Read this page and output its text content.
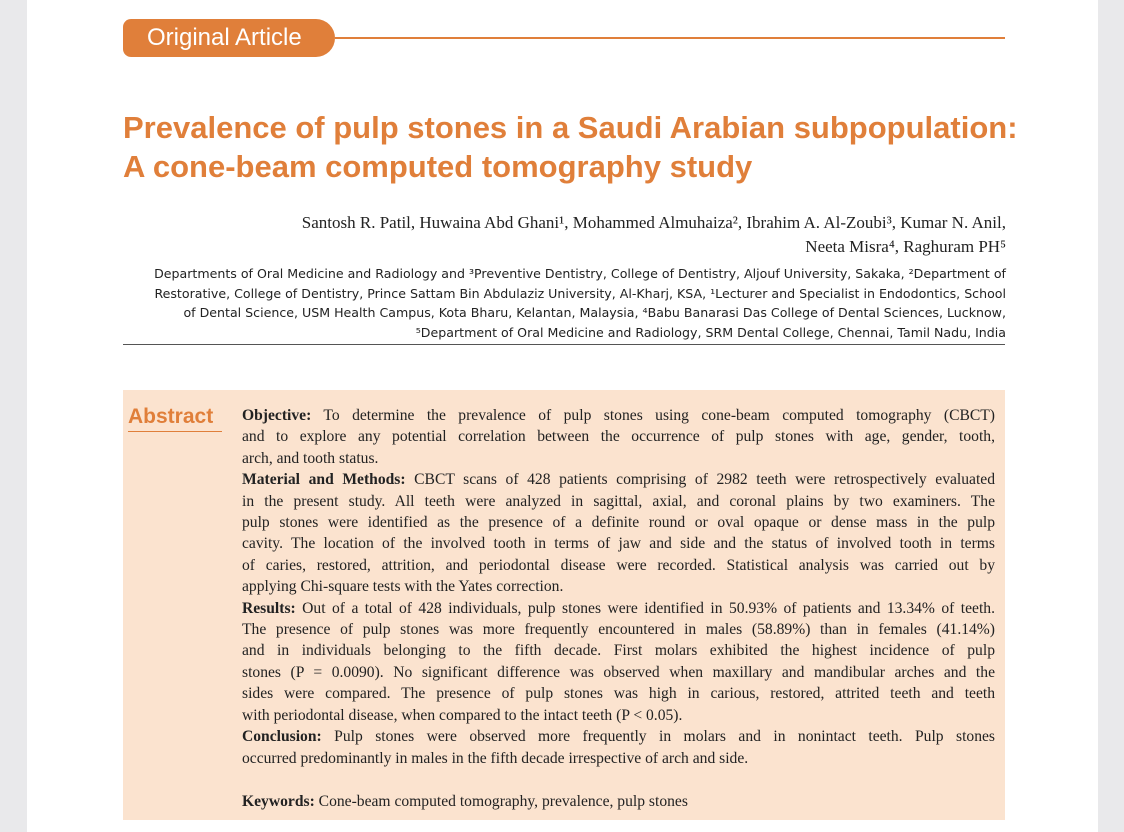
Original Article
Prevalence of pulp stones in a Saudi Arabian subpopulation:
A cone-beam computed tomography study
Santosh R. Patil, Huwaina Abd Ghani¹, Mohammed Almuhaiza², Ibrahim A. Al-Zoubi³, Kumar N. Anil,
Neeta Misra⁴, Raghuram PH⁵
Departments of Oral Medicine and Radiology and ³Preventive Dentistry, College of Dentistry, Aljouf University, Sakaka, ²Department of
Restorative, College of Dentistry, Prince Sattam Bin Abdulaziz University, Al-Kharj, KSA, ¹Lecturer and Specialist in Endodontics, School
of Dental Science, USM Health Campus, Kota Bharu, Kelantan, Malaysia, ⁴Babu Banarasi Das College of Dental Sciences, Lucknow,
⁵Department of Oral Medicine and Radiology, SRM Dental College, Chennai, Tamil Nadu, India
Abstract Objective: To determine the prevalence of pulp stones using cone-beam computed tomography (CBCT)
and to explore any potential correlation between the occurrence of pulp stones with age, gender, tooth,
arch, and tooth status.
Material and Methods: CBCT scans of 428 patients comprising of 2982 teeth were retrospectively evaluated
in the present study. All teeth were analyzed in sagittal, axial, and coronal plains by two examiners. The
pulp stones were identified as the presence of a definite round or oval opaque or dense mass in the pulp
cavity. The location of the involved tooth in terms of jaw and side and the status of involved tooth in terms
of caries, restored, attrition, and periodontal disease were recorded. Statistical analysis was carried out by
applying Chi-square tests with the Yates correction.
Results: Out of a total of 428 individuals, pulp stones were identified in 50.93% of patients and 13.34% of teeth.
The presence of pulp stones was more frequently encountered in males (58.89%) than in females (41.14%)
and in individuals belonging to the fifth decade. First molars exhibited the highest incidence of pulp
stones (P = 0.0090). No significant difference was observed when maxillary and mandibular arches and the
sides were compared. The presence of pulp stones was high in carious, restored, attrited teeth and teeth
with periodontal disease, when compared to the intact teeth (P < 0.05).
Conclusion: Pulp stones were observed more frequently in molars and in nonintact teeth. Pulp stones
occurred predominantly in males in the fifth decade irrespective of arch and side.
Keywords: Cone-beam computed tomography, prevalence, pulp stones
